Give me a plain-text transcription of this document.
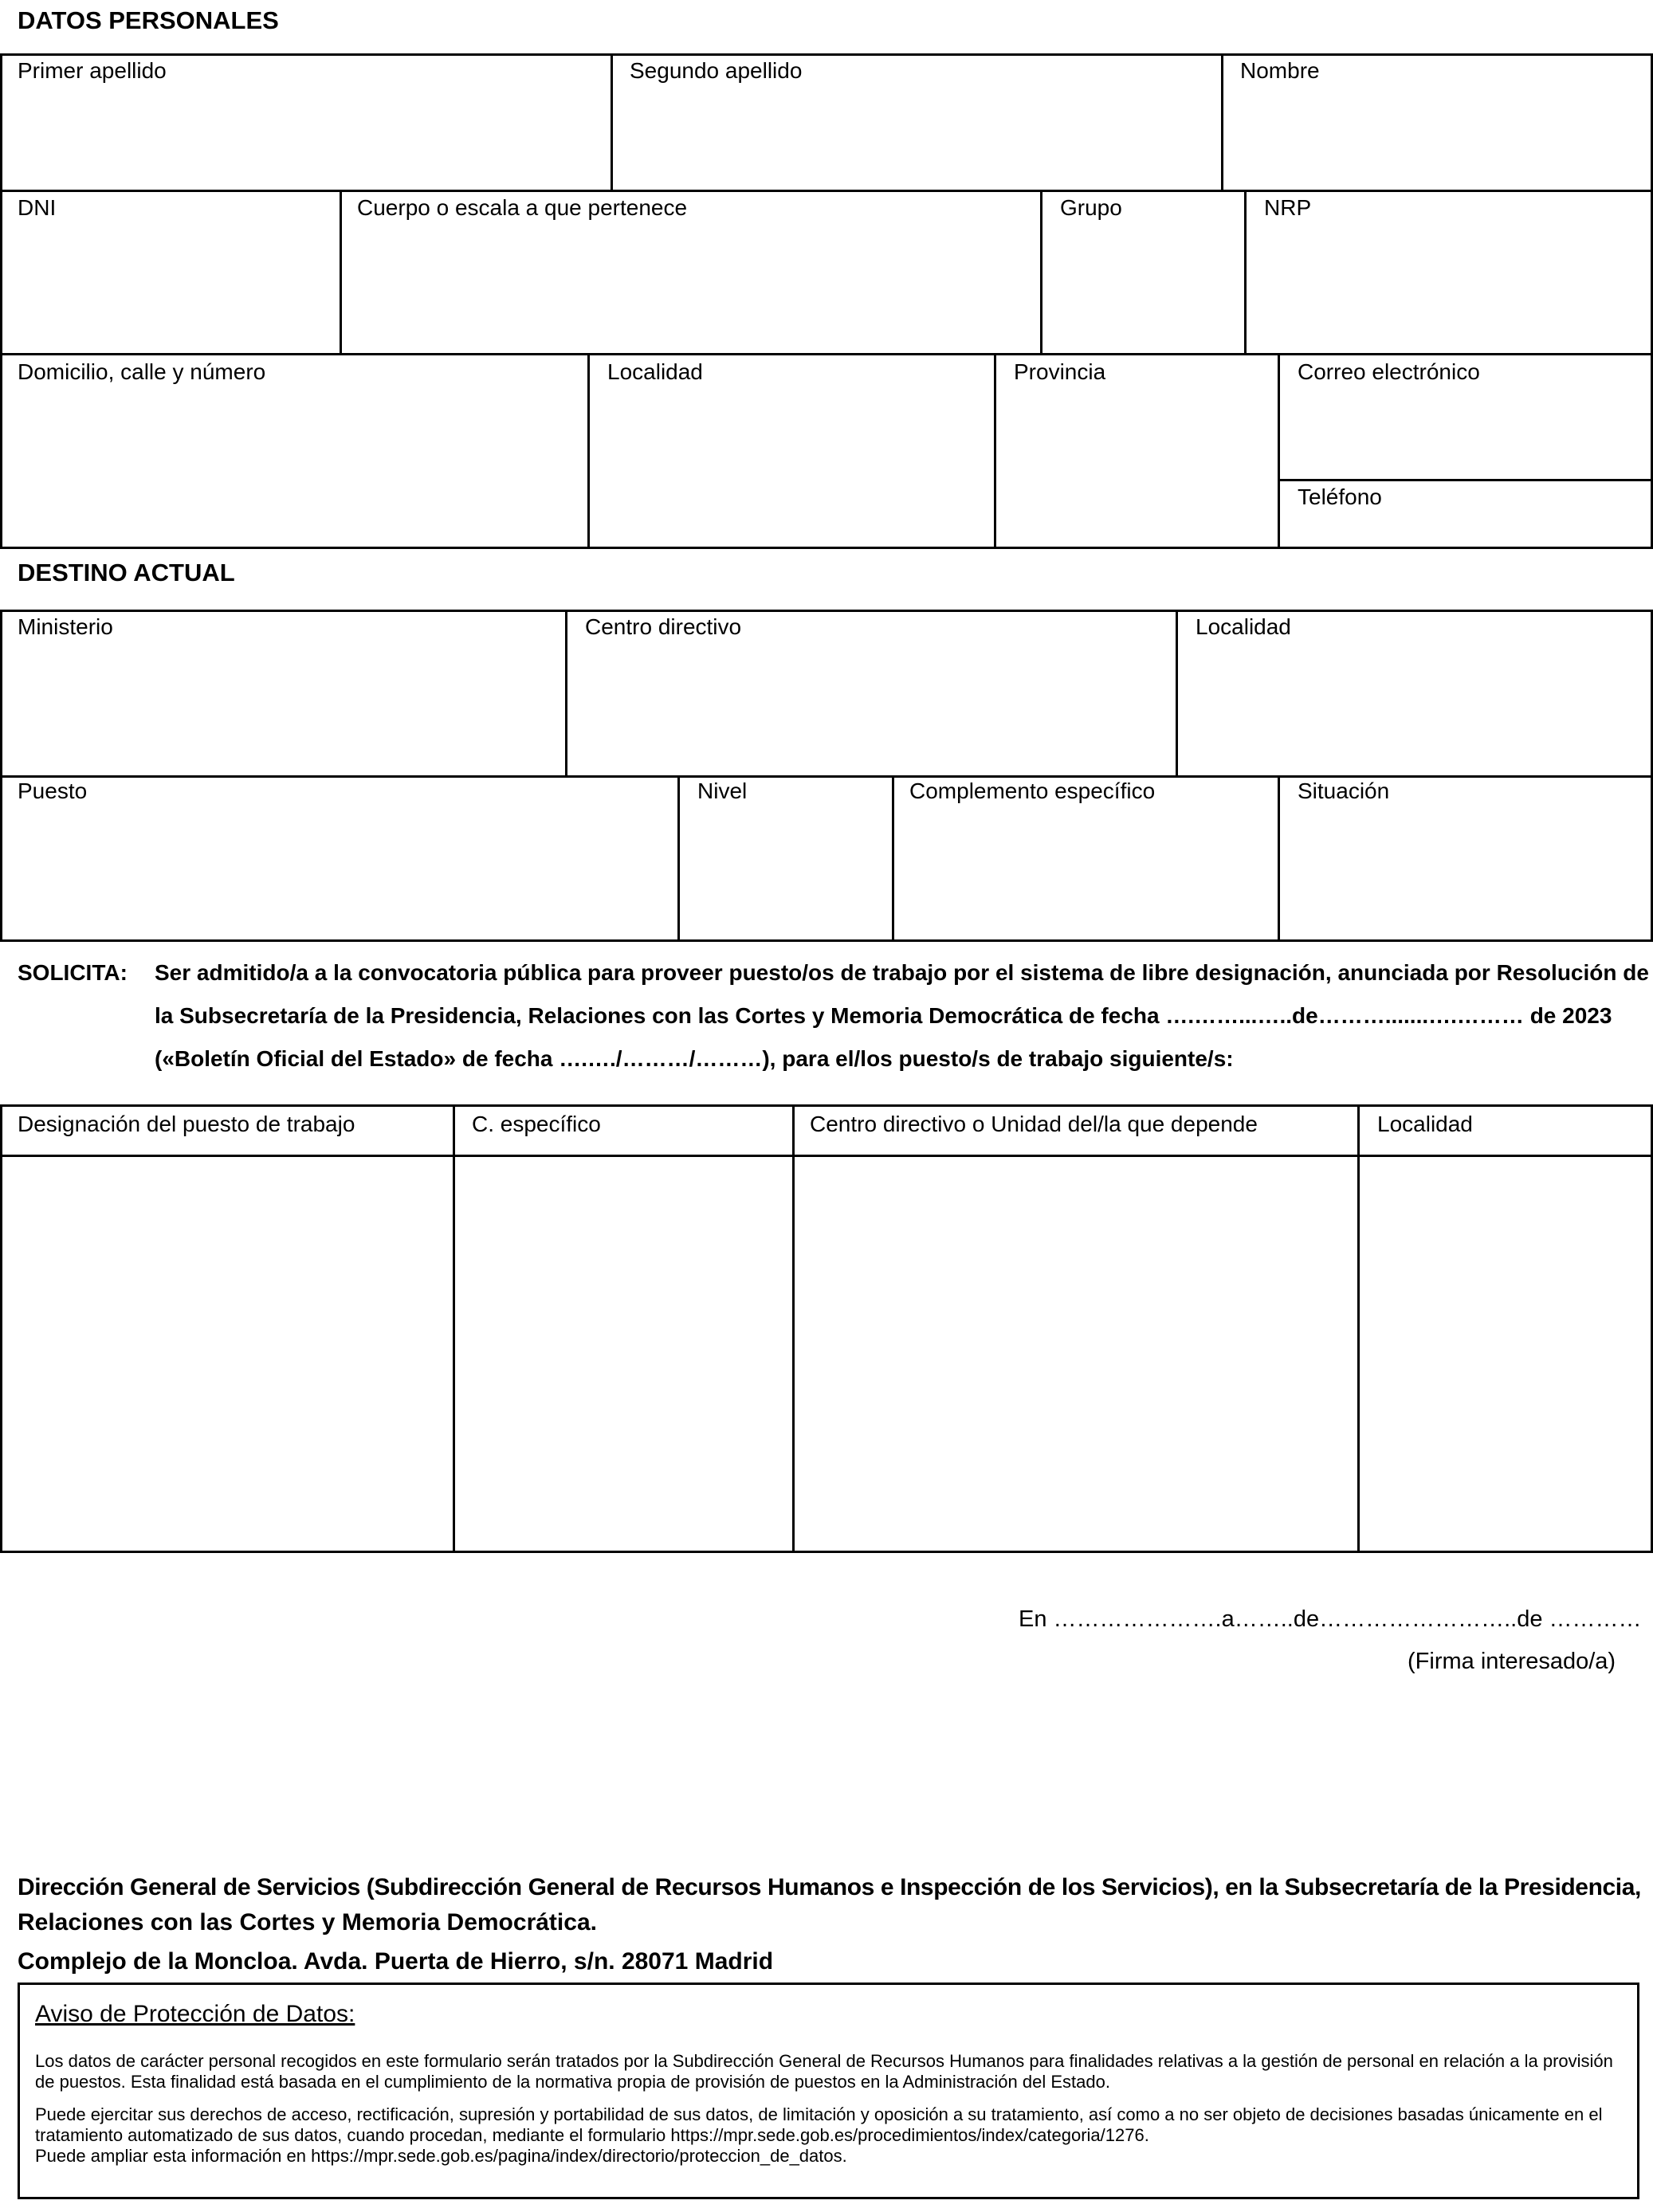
DATOS PERSONALES
Primer apellido	Segundo apellido	Nombre
DNI	Cuerpo o escala a que pertenece	Grupo	NRP
Domicilio, calle y número	Localidad	Provincia	Correo electrónico
Teléfono
DESTINO ACTUAL
Ministerio	Centro directivo	Localidad
Puesto	Nivel	Complemento específico	Situación
SOLICITA: Ser admitido/a a la convocatoria pública para proveer puesto/os de trabajo por el sistema de libre designación, anunciada por Resolución de
la Subsecretaría de la Presidencia, Relaciones con las Cortes y Memoria Democrática de fecha ….……...…..de……….......….……… de 2023
(«Boletín Oficial del Estado» de fecha ….…./………/………), para el/los puesto/s de trabajo siguiente/s:
Designación del puesto de trabajo	C. específico	Centro directivo o Unidad del/la que depende	Localidad
En ………………….a……..de……………………..de …………
(Firma interesado/a)
Dirección General de Servicios (Subdirección General de Recursos Humanos e Inspección de los Servicios), en la Subsecretaría de la Presidencia,
Relaciones con las Cortes y Memoria Democrática.
Complejo de la Moncloa. Avda. Puerta de Hierro, s/n. 28071 Madrid
Aviso de Protección de Datos:
Los datos de carácter personal recogidos en este formulario serán tratados por la Subdirección General de Recursos Humanos para finalidades relativas a la gestión de personal en relación a la provisión de puestos. Esta finalidad está basada en el cumplimiento de la normativa propia de provisión de puestos en la Administración del Estado.
Puede ejercitar sus derechos de acceso, rectificación, supresión y portabilidad de sus datos, de limitación y oposición a su tratamiento, así como a no ser objeto de decisiones basadas únicamente en el tratamiento automatizado de sus datos, cuando procedan, mediante el formulario https://mpr.sede.gob.es/procedimientos/index/categoria/1276.
Puede ampliar esta información en https://mpr.sede.gob.es/pagina/index/directorio/proteccion_de_datos.
